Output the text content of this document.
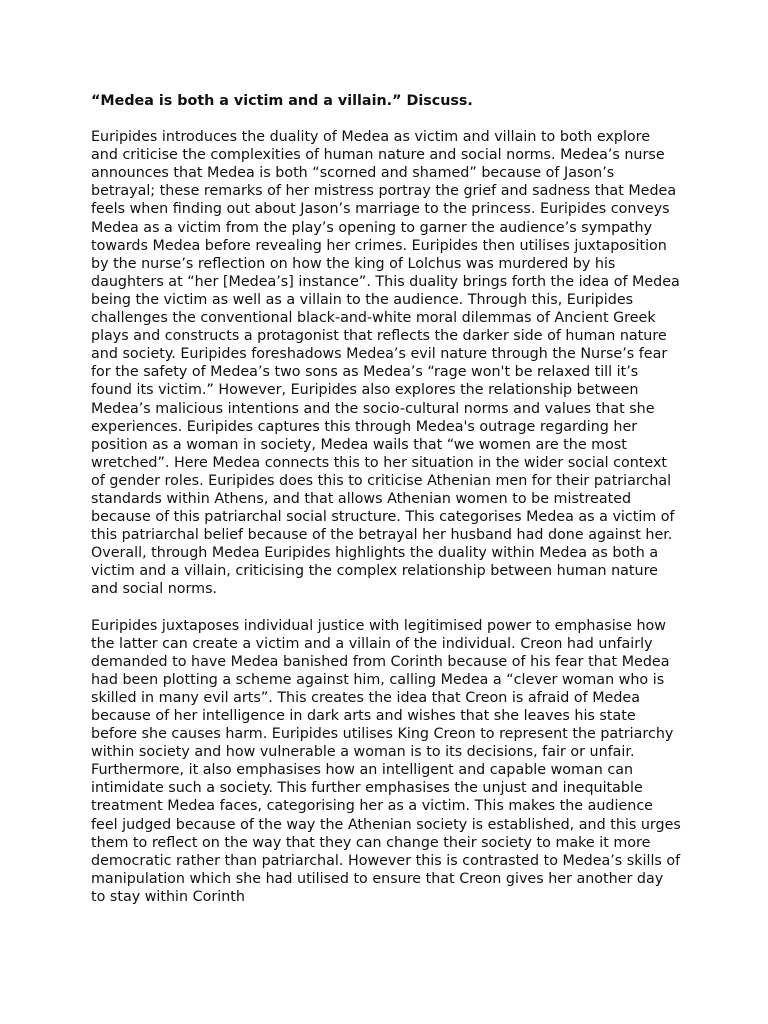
“Medea is both a victim and a villain.” Discuss.

Euripides introduces the duality of Medea as victim and villain to both explore and criticise the complexities of human nature and social norms. Medea’s nurse announces that Medea is both “scorned and shamed” because of Jason’s betrayal; these remarks of her mistress portray the grief and sadness that Medea feels when finding out about Jason’s marriage to the princess. Euripides conveys Medea as a victim from the play’s opening to garner the audience’s sympathy towards Medea before revealing her crimes. Euripides then utilises juxtaposition by the nurse’s reflection on how the king of Lolchus was murdered by his daughters at “her [Medea’s] instance”. This duality brings forth the idea of Medea being the victim as well as a villain to the audience. Through this, Euripides challenges the conventional black-and-white moral dilemmas of Ancient Greek plays and constructs a protagonist that reflects the darker side of human nature and society. Euripides foreshadows Medea’s evil nature through the Nurse’s fear for the safety of Medea’s two sons as Medea’s “rage won't be relaxed till it’s found its victim.” However, Euripides also explores the relationship between Medea’s malicious intentions and the socio-cultural norms and values that she experiences. Euripides captures this through Medea's outrage regarding her position as a woman in society, Medea wails that “we women are the most wretched”. Here Medea connects this to her situation in the wider social context of gender roles. Euripides does this to criticise Athenian men for their patriarchal standards within Athens, and that allows Athenian women to be mistreated because of this patriarchal social structure. This categorises Medea as a victim of this patriarchal belief because of the betrayal her husband had done against her. Overall, through Medea Euripides highlights the duality within Medea as both a victim and a villain, criticising the complex relationship between human nature and social norms.

Euripides juxtaposes individual justice with legitimised power to emphasise how the latter can create a victim and a villain of the individual. Creon had unfairly demanded to have Medea banished from Corinth because of his fear that Medea had been plotting a scheme against him, calling Medea a “clever woman who is skilled in many evil arts”. This creates the idea that Creon is afraid of Medea because of her intelligence in dark arts and wishes that she leaves his state before she causes harm. Euripides utilises King Creon to represent the patriarchy within society and how vulnerable a woman is to its decisions, fair or unfair. Furthermore, it also emphasises how an intelligent and capable woman can intimidate such a society. This further emphasises the unjust and inequitable treatment Medea faces, categorising her as a victim. This makes the audience feel judged because of the way the Athenian society is established, and this urges them to reflect on the way that they can change their society to make it more democratic rather than patriarchal. However this is contrasted to Medea’s skills of manipulation which she had utilised to ensure that Creon gives her another day to stay within Corinth
